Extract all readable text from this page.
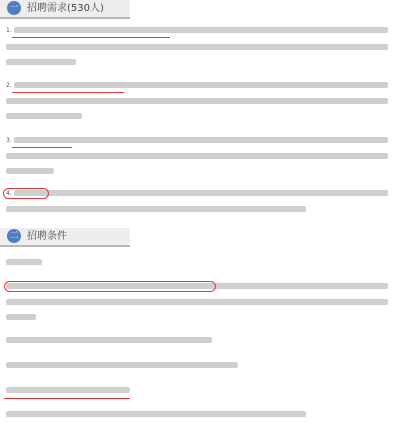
一 招聘需求(530人)
1.
2.
3.
4.
二 招聘条件
